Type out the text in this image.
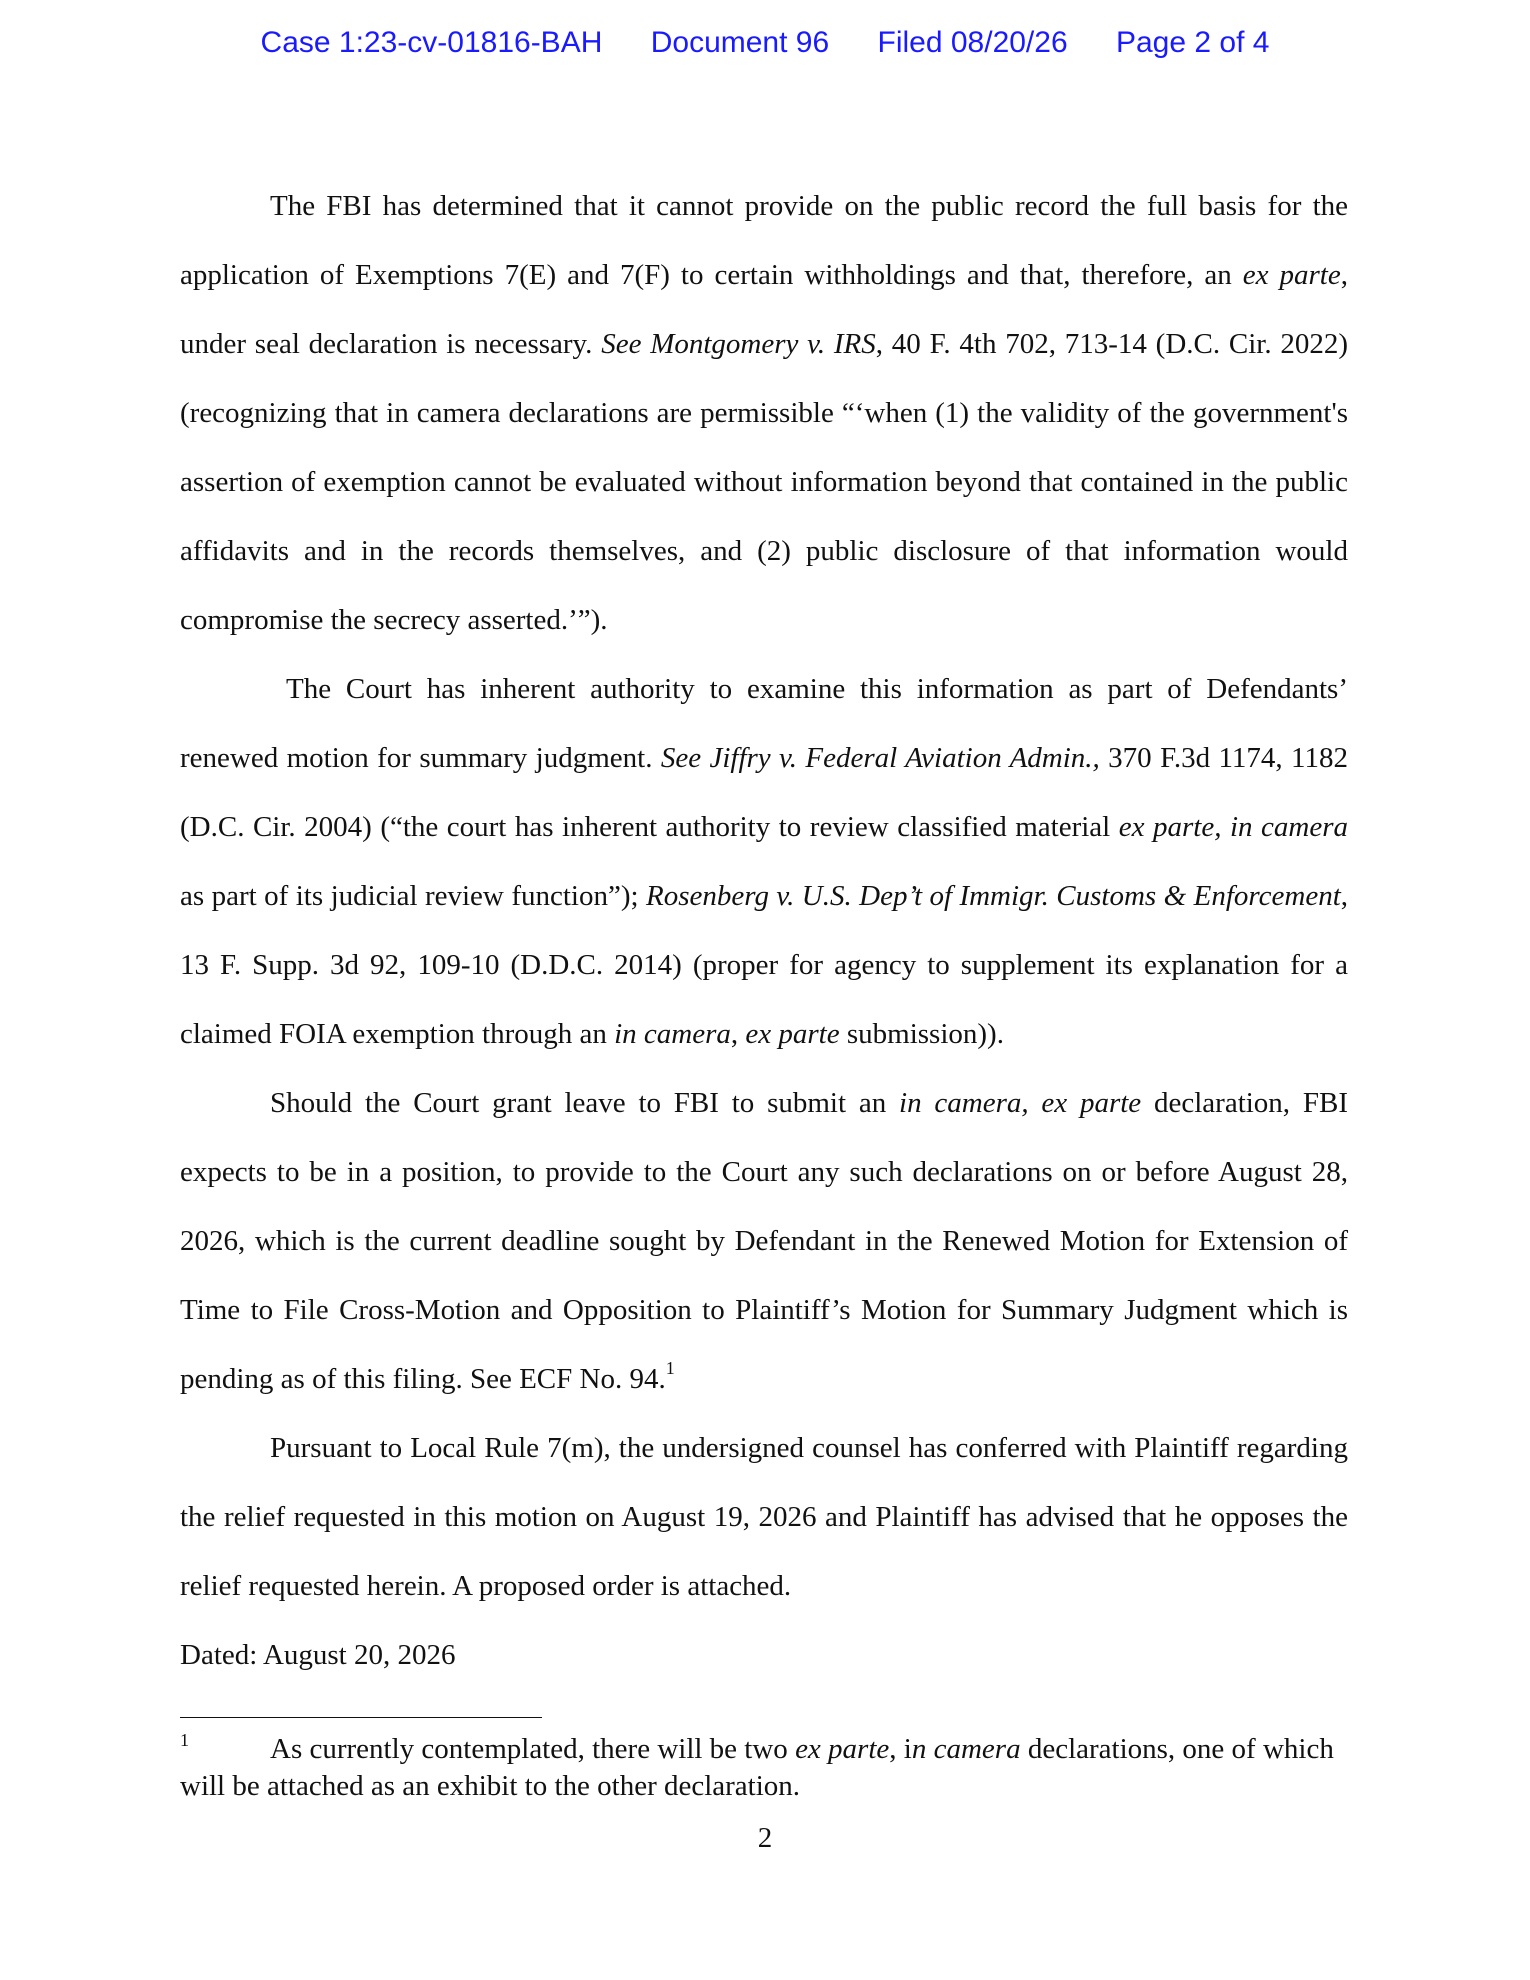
Case 1:23-cv-01816-BAH Document 96 Filed 08/20/26 Page 2 of 4

The FBI has determined that it cannot provide on the public record the full basis for the application of Exemptions 7(E) and 7(F) to certain withholdings and that, therefore, an ex parte, under seal declaration is necessary. See Montgomery v. IRS, 40 F. 4th 702, 713-14 (D.C. Cir. 2022) (recognizing that in camera declarations are permissible “‘when (1) the validity of the government's assertion of exemption cannot be evaluated without information beyond that contained in the public affidavits and in the records themselves, and (2) public disclosure of that information would compromise the secrecy asserted.’”).

The Court has inherent authority to examine this information as part of Defendants’ renewed motion for summary judgment. See Jiffry v. Federal Aviation Admin., 370 F.3d 1174, 1182 (D.C. Cir. 2004) (“the court has inherent authority to review classified material ex parte, in camera as part of its judicial review function”); Rosenberg v. U.S. Dep’t of Immigr. Customs & Enforcement, 13 F. Supp. 3d 92, 109-10 (D.D.C. 2014) (proper for agency to supplement its explanation for a claimed FOIA exemption through an in camera, ex parte submission)).

Should the Court grant leave to FBI to submit an in camera, ex parte declaration, FBI expects to be in a position, to provide to the Court any such declarations on or before August 28, 2026, which is the current deadline sought by Defendant in the Renewed Motion for Extension of Time to File Cross-Motion and Opposition to Plaintiff’s Motion for Summary Judgment which is pending as of this filing. See ECF No. 94.$^1$

Pursuant to Local Rule 7(m), the undersigned counsel has conferred with Plaintiff regarding the relief requested in this motion on August 19, 2026 and Plaintiff has advised that he opposes the relief requested herein. A proposed order is attached.

Dated: August 20, 2026

1	As currently contemplated, there will be two ex parte, in camera declarations, one of which will be attached as an exhibit to the other declaration.
2
